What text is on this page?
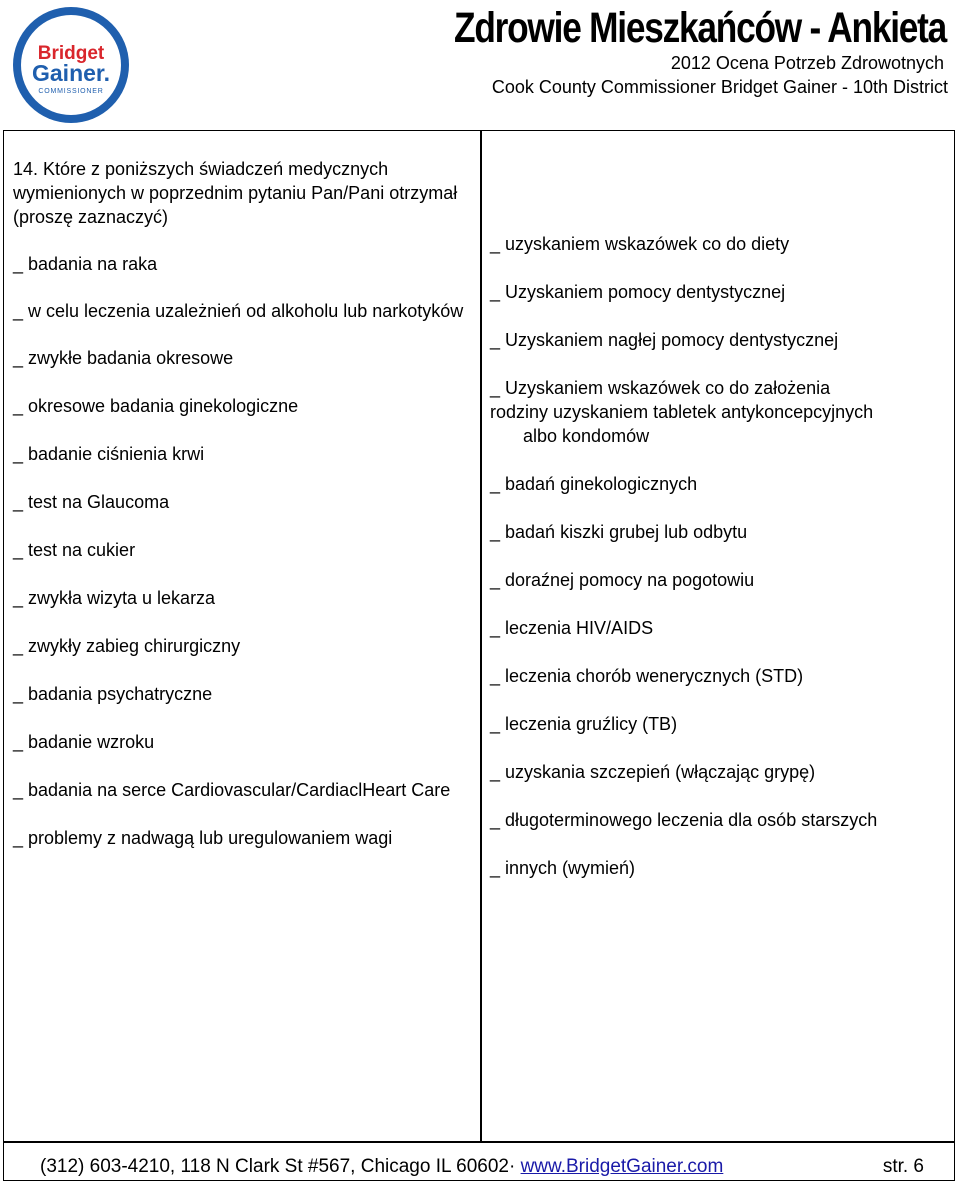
Bridget
Gainer.
COMMISSIONER
Zdrowie Mieszkańców - Ankieta
2012 Ocena Potrzeb Zdrowotnych
Cook County Commissioner Bridget Gainer - 10th District

14. Które z poniższych świadczeń medycznych wymienionych w poprzednim pytaniu Pan/Pani otrzymał (proszę zaznaczyć)

_ badania na raka

_ w celu leczenia uzależnień od alkoholu lub narkotyków

_ zwykłe badania okresowe

_ okresowe badania ginekologiczne

_ badanie ciśnienia krwi

_ test na Glaucoma

_ test na cukier

_ zwykła wizyta u lekarza

_ zwykły zabieg chirurgiczny

_ badania psychatryczne

_ badanie wzroku

_ badania na serce Cardiovascular/CardiaclHeart Care

_ problemy z nadwagą lub uregulowaniem wagi

_ uzyskaniem wskazówek co do diety

_ Uzyskaniem pomocy dentystycznej

_ Uzyskaniem nagłej pomocy dentystycznej

_ Uzyskaniem wskazówek co do założenia

rodziny uzyskaniem tabletek antykoncepcyjnych

albo kondomów

_ badań ginekologicznych

_ badań kiszki grubej lub odbytu

_ doraźnej pomocy na pogotowiu

_ leczenia HIV/AIDS

_ leczenia chorób wenerycznych (STD)

_ leczenia gruźlicy (TB)

_ uzyskania szczepień (włączając grypę)

_ długoterminowego leczenia dla osób starszych

_ innych (wymień)

(312) 603-4210, 118 N Clark St #567, Chicago IL 60602· www.BridgetGainer.com	str. 6
